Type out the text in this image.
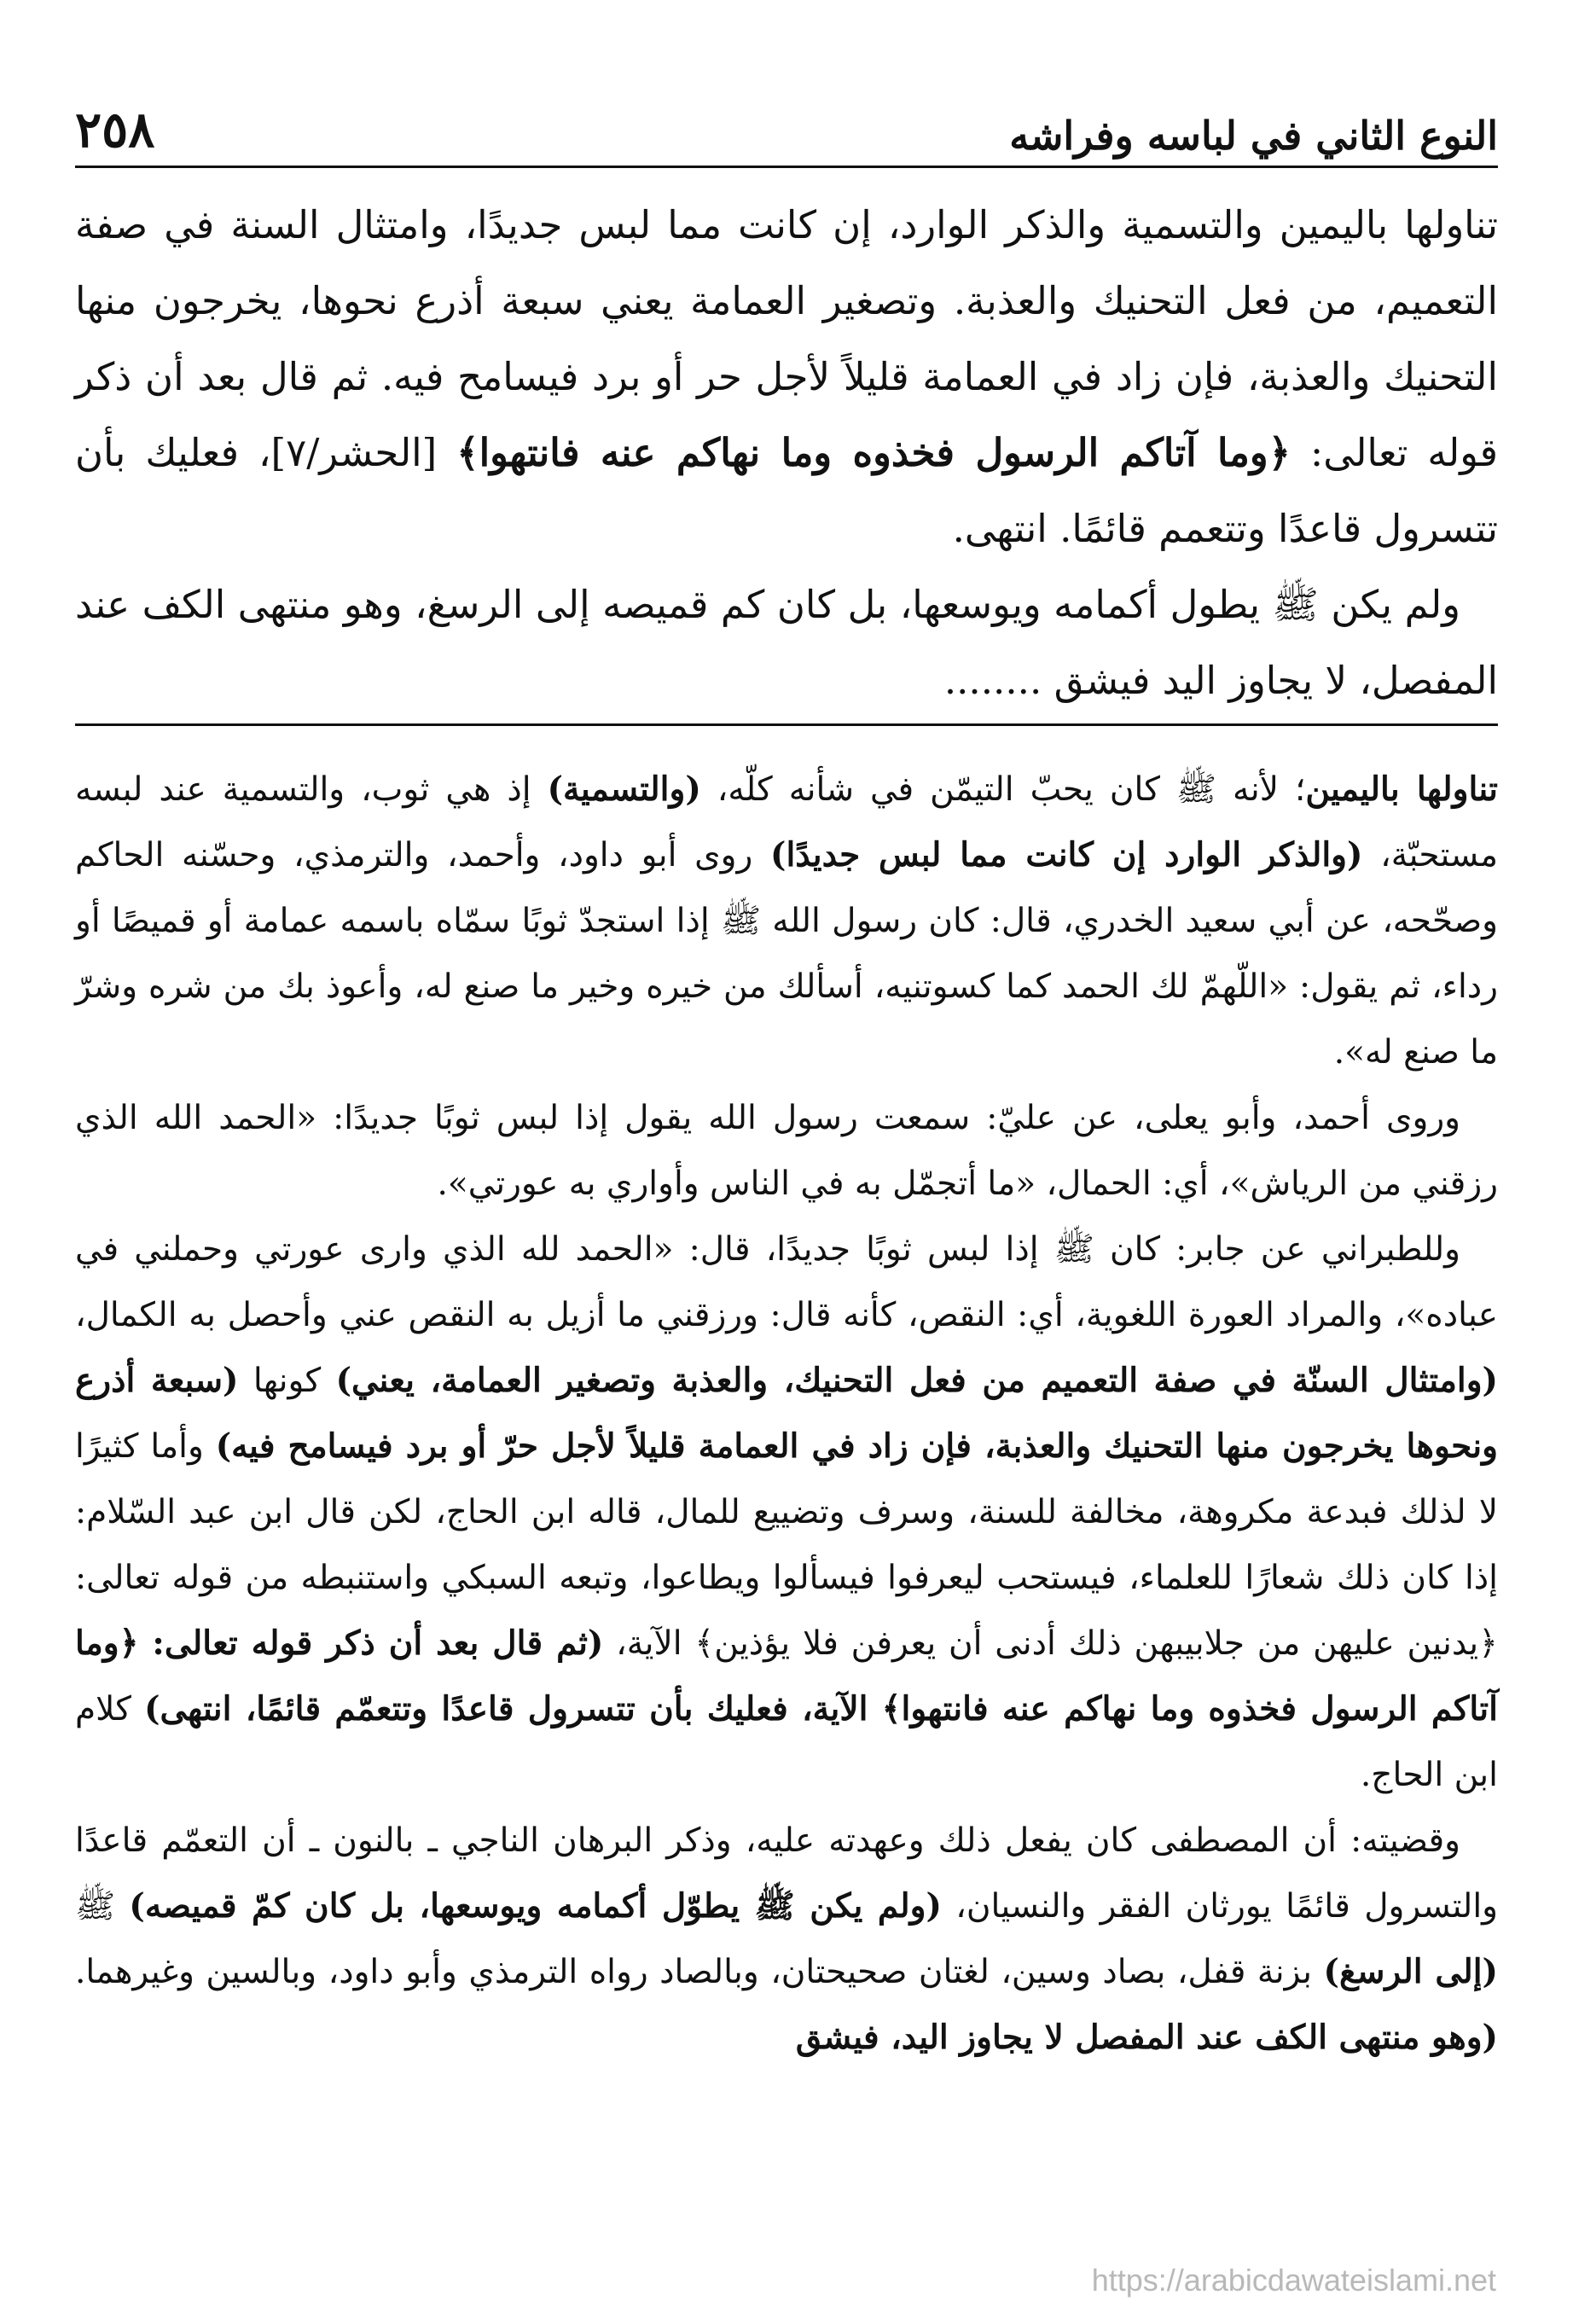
النوع الثاني في لباسه وفراشه
٢٥٨

تناولها باليمين والتسمية والذكر الوارد، إن كانت مما لبس جديدًا، وامتثال السنة في صفة التعميم، من فعل التحنيك والعذبة. وتصغير العمامة يعني سبعة أذرع نحوها، يخرجون منها التحنيك والعذبة، فإن زاد في العمامة قليلاً لأجل حر أو برد فيسامح فيه. ثم قال بعد أن ذكر قوله تعالى: ﴿وما آتاكم الرسول فخذوه وما نهاكم عنه فانتهوا﴾ [الحشر/٧]، فعليك بأن تتسرول قاعدًا وتتعمم قائمًا. انتهى.

ولم يكن ﷺ يطول أكمامه ويوسعها، بل كان كم قميصه إلى الرسغ، وهو منتهى الكف عند المفصل، لا يجاوز اليد فيشق ........

تناولها باليمين؛ لأنه ﷺ كان يحبّ التيمّن في شأنه كلّه، (والتسمية) إذ هي ثوب، والتسمية عند لبسه مستحبّة، (والذكر الوارد إن كانت مما لبس جديدًا) روى أبو داود، وأحمد، والترمذي، وحسّنه الحاكم وصحّحه، عن أبي سعيد الخدري، قال: كان رسول الله ﷺ إذا استجدّ ثوبًا سمّاه باسمه عمامة أو قميصًا أو رداء، ثم يقول: «اللّهمّ لك الحمد كما كسوتنيه، أسألك من خيره وخير ما صنع له، وأعوذ بك من شره وشرّ ما صنع له».

وروى أحمد، وأبو يعلى، عن عليّ: سمعت رسول الله يقول إذا لبس ثوبًا جديدًا: «الحمد الله الذي رزقني من الرياش»، أي: الحمال، «ما أتجمّل به في الناس وأواري به عورتي».

وللطبراني عن جابر: كان ﷺ إذا لبس ثوبًا جديدًا، قال: «الحمد لله الذي وارى عورتي وحملني في عباده»، والمراد العورة اللغوية، أي: النقص، كأنه قال: ورزقني ما أزيل به النقص عني وأحصل به الكمال، (وامتثال السنّة في صفة التعميم من فعل التحنيك، والعذبة وتصغير العمامة، يعني) كونها (سبعة أذرع ونحوها يخرجون منها التحنيك والعذبة، فإن زاد في العمامة قليلاً لأجل حرّ أو برد فيسامح فيه) وأما كثيرًا لا لذلك فبدعة مكروهة، مخالفة للسنة، وسرف وتضييع للمال، قاله ابن الحاج، لكن قال ابن عبد السّلام: إذا كان ذلك شعارًا للعلماء، فيستحب ليعرفوا فيسألوا ويطاعوا، وتبعه السبكي واستنبطه من قوله تعالى: ﴿يدنين عليهن من جلابيبهن ذلك أدنى أن يعرفن فلا يؤذين﴾ الآية، (ثم قال بعد أن ذكر قوله تعالى: ﴿وما آتاكم الرسول فخذوه وما نهاكم عنه فانتهوا﴾ الآية، فعليك بأن تتسرول قاعدًا وتتعمّم قائمًا، انتهى) كلام ابن الحاج.

وقضيته: أن المصطفى كان يفعل ذلك وعهدته عليه، وذكر البرهان الناجي ـ بالنون ـ أن التعمّم قاعدًا والتسرول قائمًا يورثان الفقر والنسيان، (ولم يكن ﷺ يطوّل أكمامه ويوسعها، بل كان كمّ قميصه) ﷺ (إلى الرسغ) بزنة قفل، بصاد وسين، لغتان صحيحتان، وبالصاد رواه الترمذي وأبو داود، وبالسين وغيرهما. (وهو منتهى الكف عند المفصل لا يجاوز اليد، فيشق

https://arabicdawateislami.net
